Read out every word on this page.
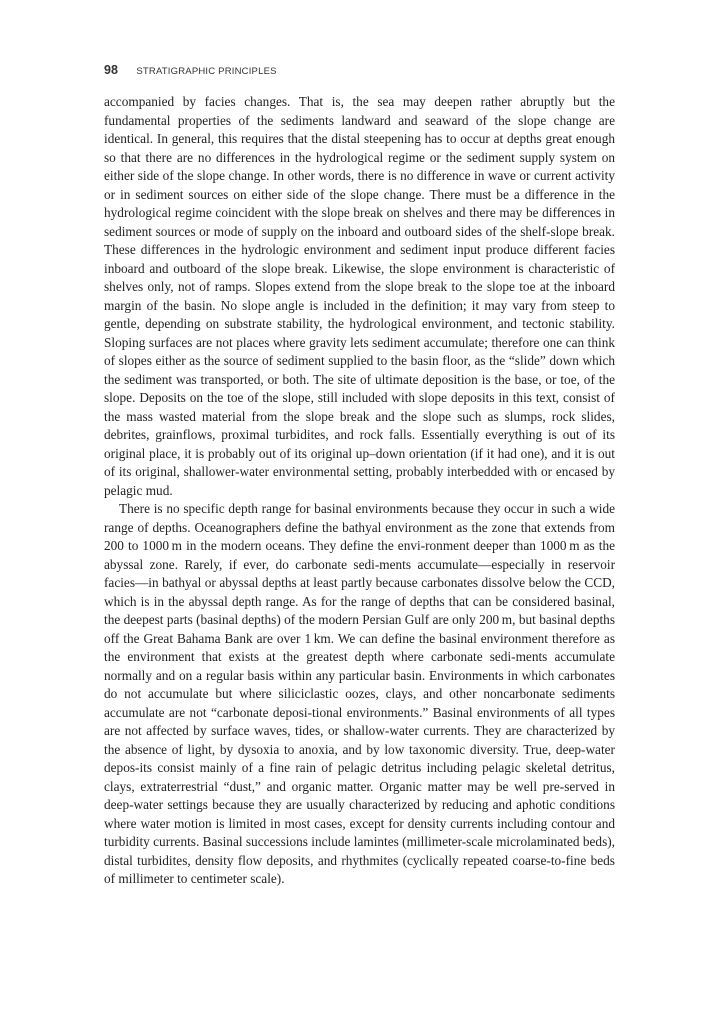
98 STRATIGRAPHIC PRINCIPLES

accompanied by facies changes. That is, the sea may deepen rather abruptly but the fundamental properties of the sediments landward and seaward of the slope change are identical. In general, this requires that the distal steepening has to occur at depths great enough so that there are no differences in the hydrological regime or the sediment supply system on either side of the slope change. In other words, there is no difference in wave or current activity or in sediment sources on either side of the slope change. There must be a difference in the hydrological regime coincident with the slope break on shelves and there may be differences in sediment sources or mode of supply on the inboard and outboard sides of the shelf-slope break. These differences in the hydrologic environment and sediment input produce different facies inboard and outboard of the slope break. Likewise, the slope environment is characteristic of shelves only, not of ramps. Slopes extend from the slope break to the slope toe at the inboard margin of the basin. No slope angle is included in the definition; it may vary from steep to gentle, depending on substrate stability, the hydrological environment, and tectonic stability. Sloping surfaces are not places where gravity lets sediment accumulate; therefore one can think of slopes either as the source of sediment supplied to the basin floor, as the “slide” down which the sediment was transported, or both. The site of ultimate deposition is the base, or toe, of the slope. Deposits on the toe of the slope, still included with slope deposits in this text, consist of the mass wasted material from the slope break and the slope such as slumps, rock slides, debrites, grainflows, proximal turbidites, and rock falls. Essentially everything is out of its original place, it is probably out of its original up–down orientation (if it had one), and it is out of its original, shallower-water environmental setting, probably interbedded with or encased by pelagic mud.

There is no specific depth range for basinal environments because they occur in such a wide range of depths. Oceanographers define the bathyal environment as the zone that extends from 200 to 1000 m in the modern oceans. They define the envi-ronment deeper than 1000 m as the abyssal zone. Rarely, if ever, do carbonate sedi-ments accumulate—especially in reservoir facies—in bathyal or abyssal depths at least partly because carbonates dissolve below the CCD, which is in the abyssal depth range. As for the range of depths that can be considered basinal, the deepest parts (basinal depths) of the modern Persian Gulf are only 200 m, but basinal depths off the Great Bahama Bank are over 1 km. We can define the basinal environment therefore as the environment that exists at the greatest depth where carbonate sedi-ments accumulate normally and on a regular basis within any particular basin. Environments in which carbonates do not accumulate but where siliciclastic oozes, clays, and other noncarbonate sediments accumulate are not “carbonate deposi-tional environments.” Basinal environments of all types are not affected by surface waves, tides, or shallow-water currents. They are characterized by the absence of light, by dysoxia to anoxia, and by low taxonomic diversity. True, deep-water depos-its consist mainly of a fine rain of pelagic detritus including pelagic skeletal detritus, clays, extraterrestrial “dust,” and organic matter. Organic matter may be well pre-served in deep-water settings because they are usually characterized by reducing and aphotic conditions where water motion is limited in most cases, except for density currents including contour and turbidity currents. Basinal successions include lamintes (millimeter-scale microlaminated beds), distal turbidites, density flow deposits, and rhythmites (cyclically repeated coarse-to-fine beds of millimeter to centimeter scale).
